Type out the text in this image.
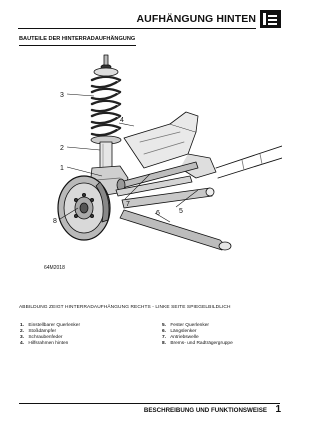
AUFHÄNGUNG HINTEN
BAUTEILE DER HINTERRADAUFHÄNGUNG
3
4
2
1
7
6	5
8
64M2018
ABBILDUNG ZEIGT HINTERRADAUFHÄNGUNG RECHTS - LINKE SEITE SPIEGELBILDLICH
1. Einstellbarer Querlenker
2. Stoßdämpfer
3. Schraubenfeder
4. Hilfsrahmen hinten
5. Fester Querlenker
6. Längslenker
7. Antriebswelle
8. Brems- und Radträgergruppe
BESCHREIBUNG UND FUNKTIONSWEISE 1
